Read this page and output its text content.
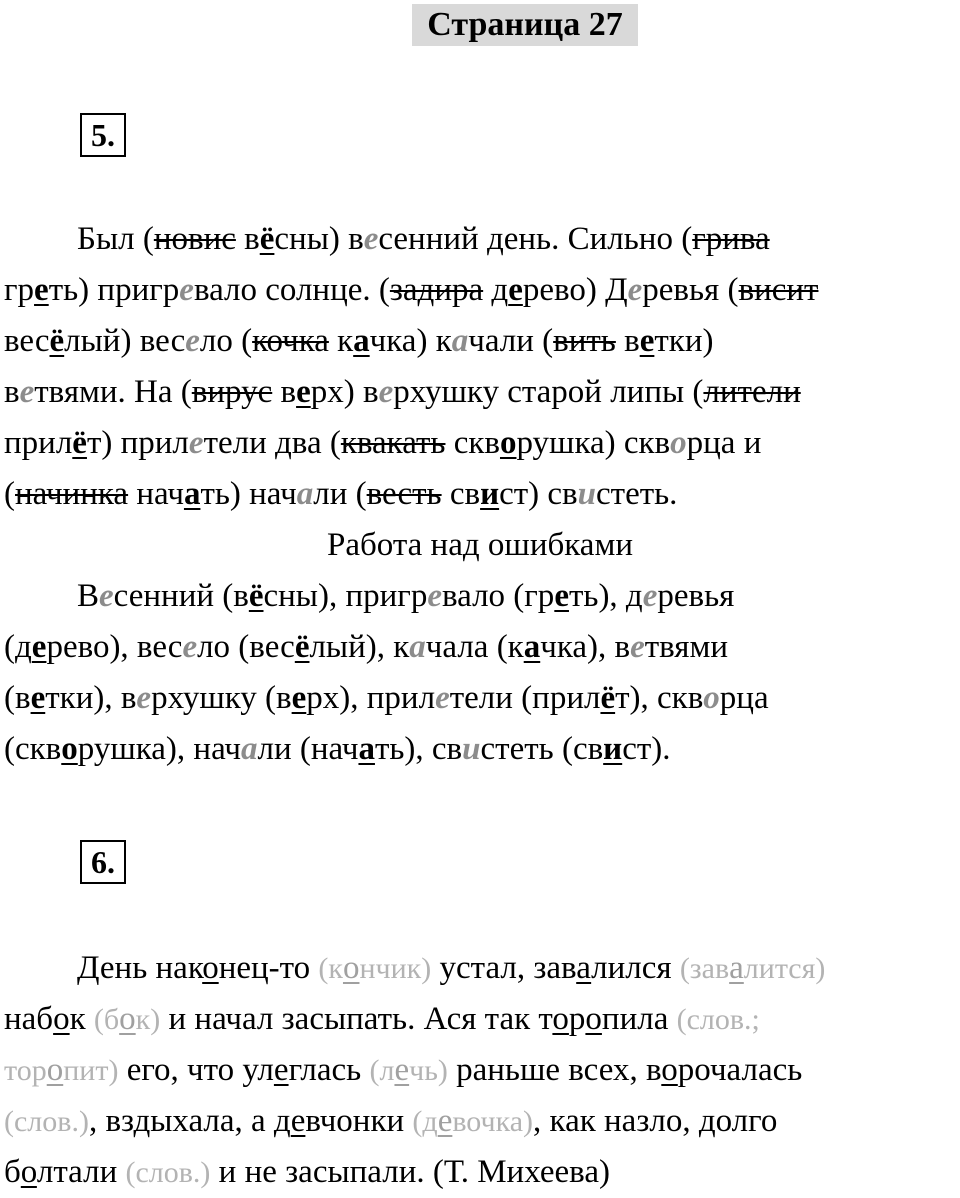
Страница 27
5.
Был (новис вёсны) весенний день. Сильно (грива
греть) пригревало солнце. (задира дерево) Деревья (висит
весёлый) весело (кочка качка) качали (вить ветки)
ветвями. На (вирус верх) верхушку старой липы (лители
прилёт) прилетели два (квакать скворушка) скворца и
(начинка начать) начали (весть свист) свистеть.
Работа над ошибками
Весенний (вёсны), пригревало (греть), деревья
(дерево), весело (весёлый), качала (качка), ветвями
(ветки), верхушку (верх), прилетели (прилёт), скворца
(скворушка), начали (начать), свистеть (свист).
6.
День наконец-то (кончик) устал, завалился (завалится)
набок (бок) и начал засыпать. Ася так торопила (слов.;
торопит) его, что улеглась (лечь) раньше всех, ворочалась
(слов.), вздыхала, а девчонки (девочка), как назло, долго
болтали (слов.) и не засыпали. (Т. Михеева)
